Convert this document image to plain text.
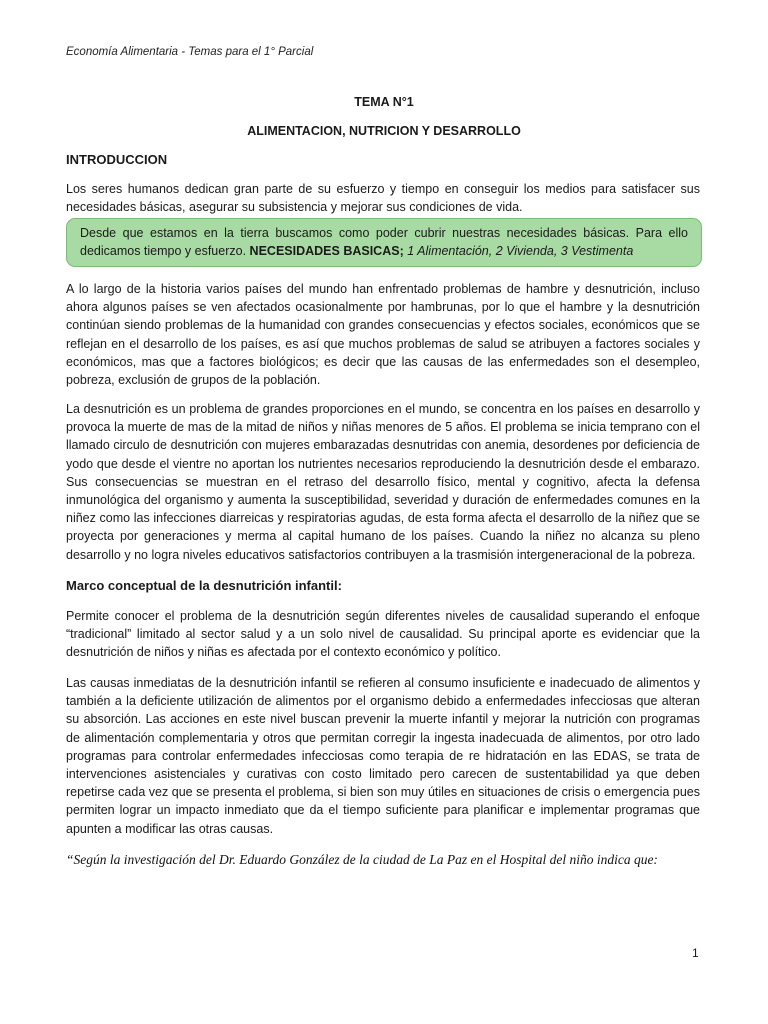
Economía Alimentaria - Temas para el 1° Parcial
TEMA N°1
ALIMENTACION, NUTRICION Y DESARROLLO
INTRODUCCION

Los seres humanos dedican gran parte de su esfuerzo y tiempo en conseguir los medios para satisfacer sus necesidades básicas, asegurar su subsistencia y mejorar sus condiciones de vida.

Desde que estamos en la tierra buscamos como poder cubrir nuestras necesidades básicas. Para ello dedicamos tiempo y esfuerzo. NECESIDADES BASICAS; 1 Alimentación, 2 Vivienda, 3 Vestimenta

A lo largo de la historia varios países del mundo han enfrentado problemas de hambre y desnutrición, incluso ahora algunos países se ven afectados ocasionalmente por hambrunas, por lo que el hambre y la desnutrición continúan siendo problemas de la humanidad con grandes consecuencias y efectos sociales, económicos que se reflejan en el desarrollo de los países, es así que muchos problemas de salud se atribuyen a factores sociales y económicos, mas que a factores biológicos; es decir que las causas de las enfermedades son el desempleo, pobreza, exclusión de grupos de la población.

La desnutrición es un problema de grandes proporciones en el mundo, se concentra en los países en desarrollo y provoca la muerte de mas de la mitad de niños y niñas menores de 5 años. El problema se inicia temprano con el llamado circulo de desnutrición con mujeres embarazadas desnutridas con anemia, desordenes por deficiencia de yodo que desde el vientre no aportan los nutrientes necesarios reproduciendo la desnutrición desde el embarazo. Sus consecuencias se muestran en el retraso del desarrollo físico, mental y cognitivo, afecta la defensa inmunológica del organismo y aumenta la susceptibilidad, severidad y duración de enfermedades comunes en la niñez como las infecciones diarreicas y respiratorias agudas, de esta forma afecta el desarrollo de la niñez que se proyecta por generaciones y merma al capital humano de los países. Cuando la niñez no alcanza su pleno desarrollo y no logra niveles educativos satisfactorios contribuyen a la trasmisión intergeneracional de la pobreza.

Marco conceptual de la desnutrición infantil:

Permite conocer el problema de la desnutrición según diferentes niveles de causalidad superando el enfoque “tradicional” limitado al sector salud y a un solo nivel de causalidad. Su principal aporte es evidenciar que la desnutrición de niños y niñas es afectada por el contexto económico y político.

Las causas inmediatas de la desnutrición infantil se refieren al consumo insuficiente e inadecuado de alimentos y también a la deficiente utilización de alimentos por el organismo debido a enfermedades infecciosas que alteran su absorción. Las acciones en este nivel buscan prevenir la muerte infantil y mejorar la nutrición con programas de alimentación complementaria y otros que permitan corregir la ingesta inadecuada de alimentos, por otro lado programas para controlar enfermedades infecciosas como terapia de re hidratación en las EDAS, se trata de intervenciones asistenciales y curativas con costo limitado pero carecen de sustentabilidad ya que deben repetirse cada vez que se presenta el problema, si bien son muy útiles en situaciones de crisis o emergencia pues permiten lograr un impacto inmediato que da el tiempo suficiente para planificar e implementar programas que apunten a modificar las otras causas.

“Según la investigación del Dr. Eduardo González de la ciudad de La Paz en el Hospital del niño indica que:
1
